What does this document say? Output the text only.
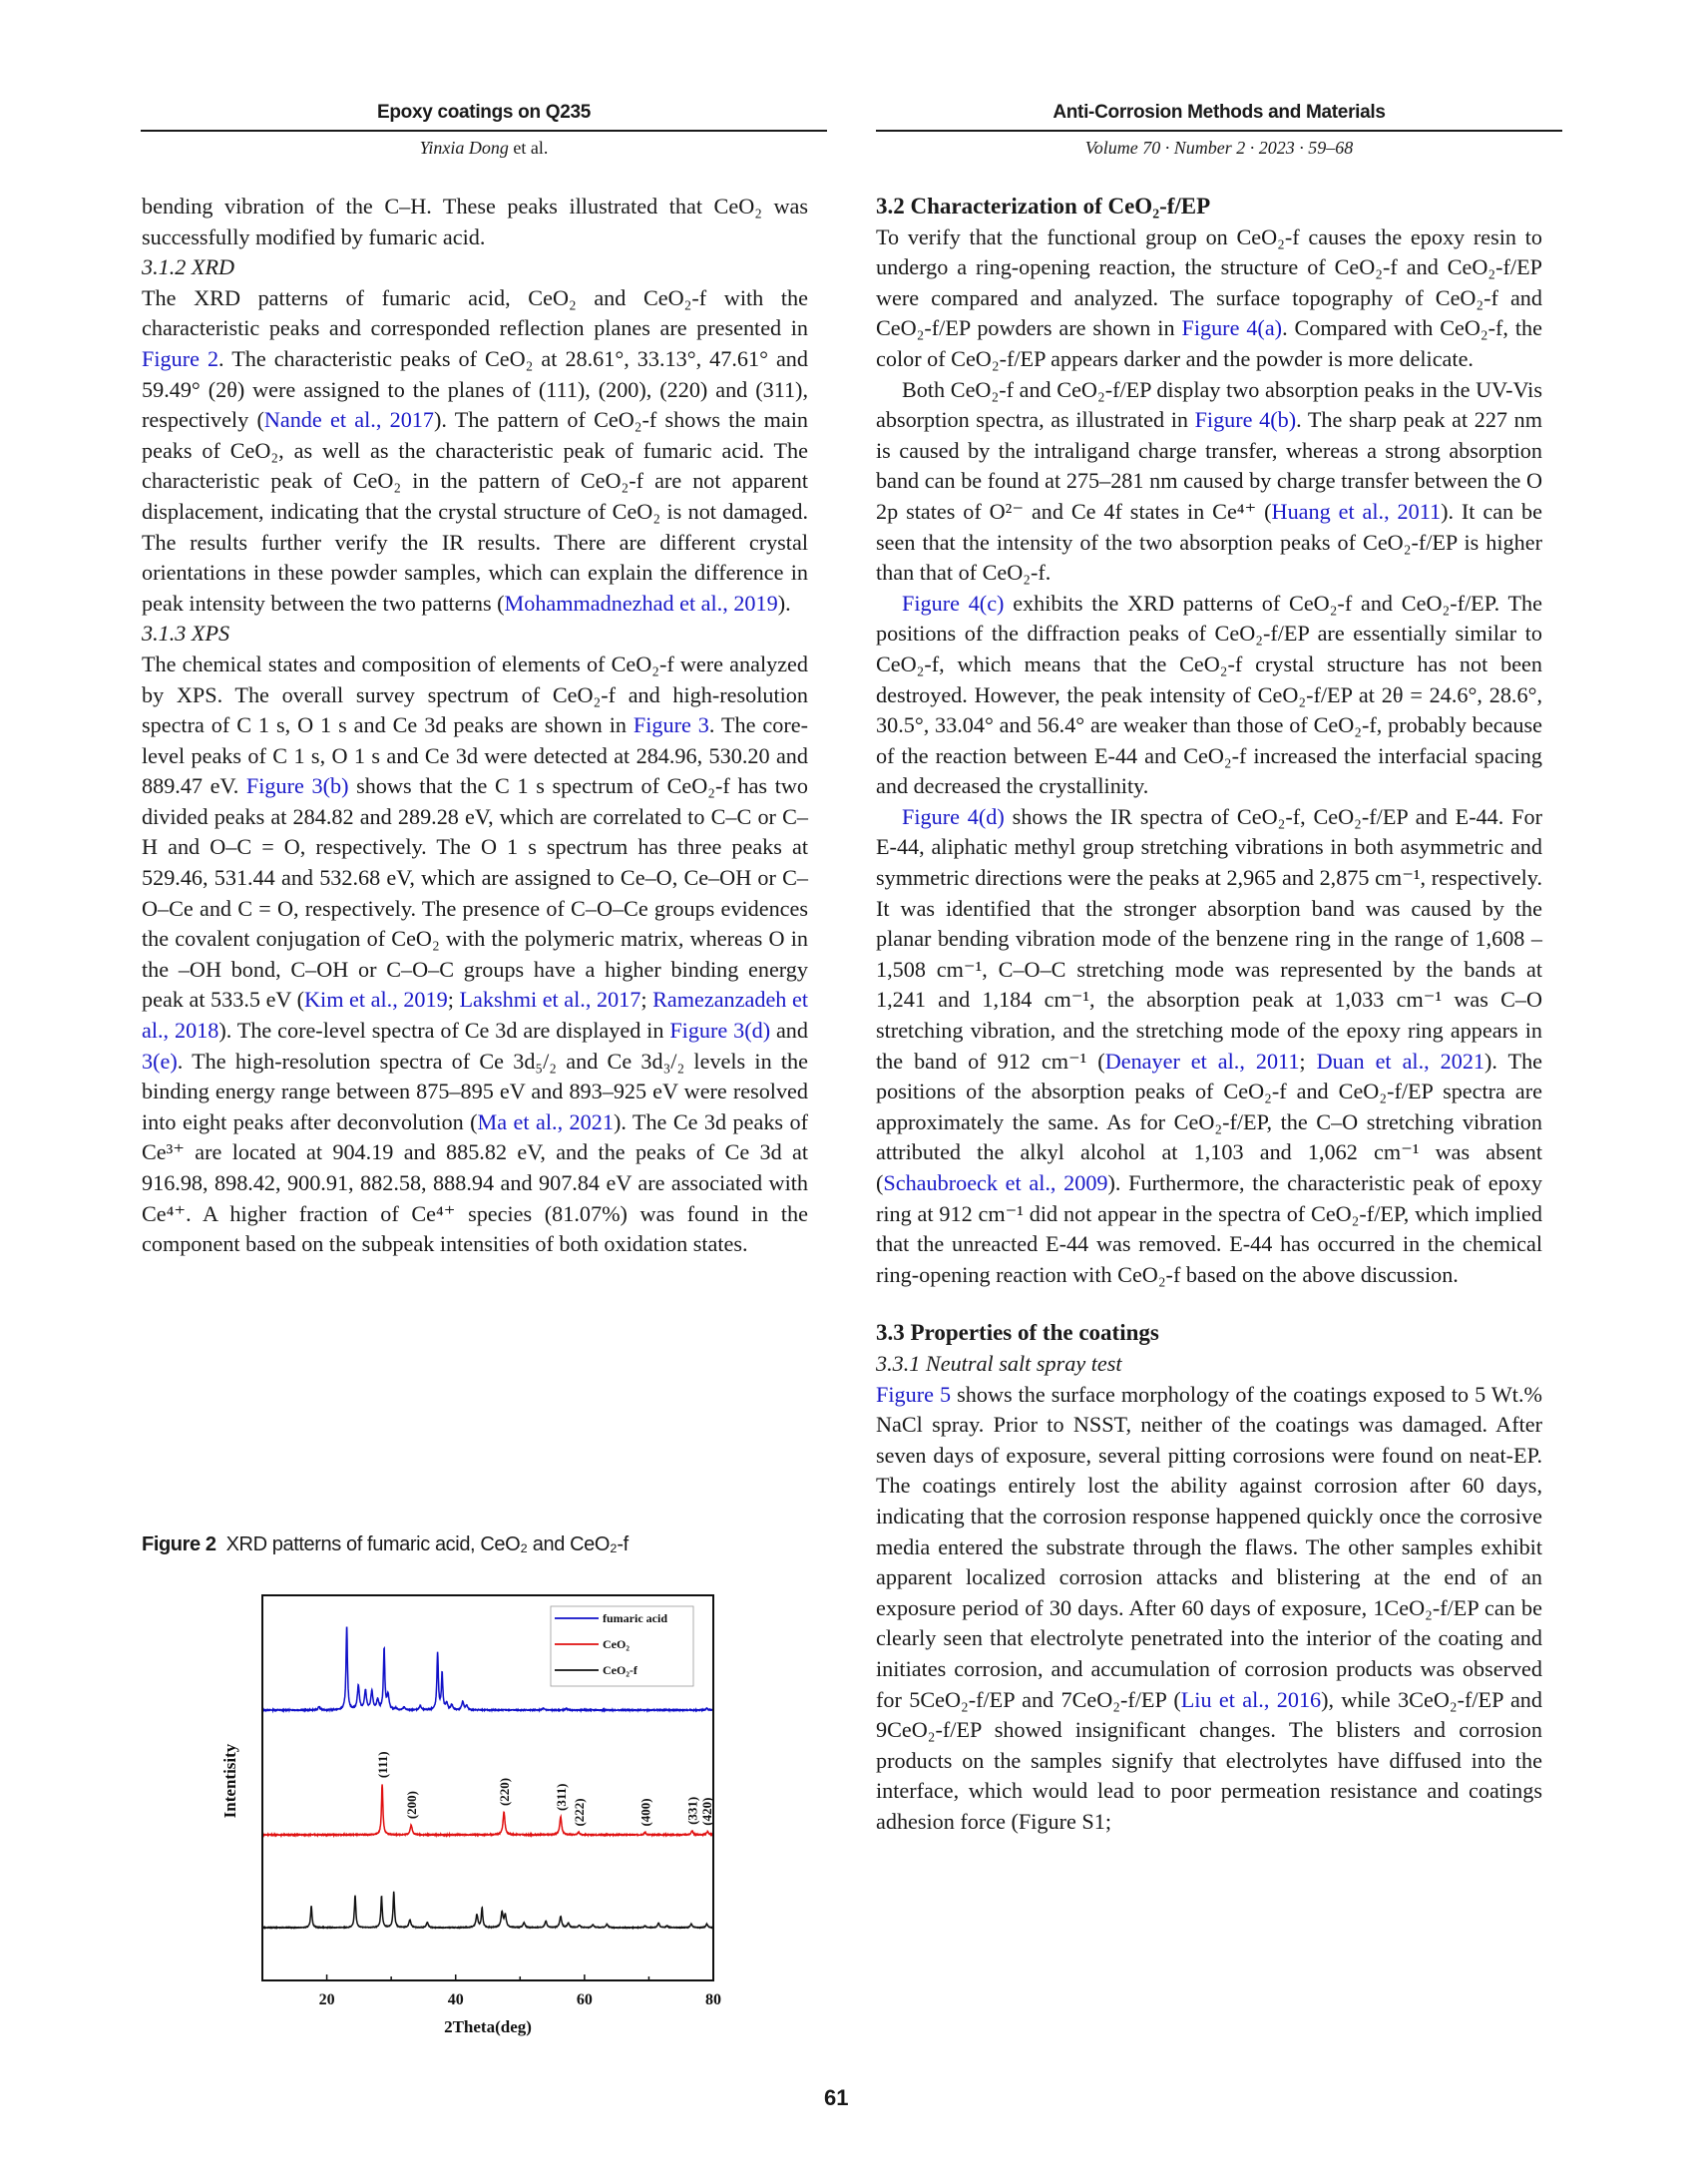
Epoxy coatings on Q235
Yinxia Dong et al.
Anti-Corrosion Methods and Materials
Volume 70 · Number 2 · 2023 · 59–68

bending vibration of the C–H. These peaks illustrated that CeO₂ was successfully modified by fumaric acid.

3.1.2 XRD

The XRD patterns of fumaric acid, CeO₂ and CeO₂-f with the characteristic peaks and corresponded reflection planes are presented in Figure 2. The characteristic peaks of CeO₂ at 28.61°, 33.13°, 47.61° and 59.49° (2θ) were assigned to the planes of (111), (200), (220) and (311), respectively (Nande et al., 2017). The pattern of CeO₂-f shows the main peaks of CeO₂, as well as the characteristic peak of fumaric acid. The characteristic peak of CeO₂ in the pattern of CeO₂-f are not apparent displacement, indicating that the crystal structure of CeO₂ is not damaged. The results further verify the IR results. There are different crystal orientations in these powder samples, which can explain the difference in peak intensity between the two patterns (Mohammadnezhad et al., 2019).

3.1.3 XPS

The chemical states and composition of elements of CeO₂-f were analyzed by XPS. The overall survey spectrum of CeO₂-f and high-resolution spectra of C 1 s, O 1 s and Ce 3d peaks are shown in Figure 3. The core-level peaks of C 1 s, O 1 s and Ce 3d were detected at 284.96, 530.20 and 889.47 eV. Figure 3(b) shows that the C 1 s spectrum of CeO₂-f has two divided peaks at 284.82 and 289.28 eV, which are correlated to C–C or C–H and O–C = O, respectively. The O 1 s spectrum has three peaks at 529.46, 531.44 and 532.68 eV, which are assigned to Ce–O, Ce–OH or C–O–Ce and C = O, respectively. The presence of C–O–Ce groups evidences the covalent conjugation of CeO₂ with the polymeric matrix, whereas O in the –OH bond, C–OH or C–O–C groups have a higher binding energy peak at 533.5 eV (Kim et al., 2019; Lakshmi et al., 2017; Ramezanzadeh et al., 2018). The core-level spectra of Ce 3d are displayed in Figure 3(d) and 3(e). The high-resolution spectra of Ce 3d₅/₂ and Ce 3d₃/₂ levels in the binding energy range between 875–895 eV and 893–925 eV were resolved into eight peaks after deconvolution (Ma et al., 2021). The Ce 3d peaks of Ce³⁺ are located at 904.19 and 885.82 eV, and the peaks of Ce 3d at 916.98, 898.42, 900.91, 882.58, 888.94 and 907.84 eV are associated with Ce⁴⁺. A higher fraction of Ce⁴⁺ species (81.07%) was found in the component based on the subpeak intensities of both oxidation states.

Figure 2 XRD patterns of fumaric acid, CeO₂ and CeO₂-f
(111)
(200)	(220)	(311)
(222)	(400) (331) (420)
Intentisity
2Theta(deg)
fumaric acid
CeO₂
CeO₂-f
20	40	60	80

3.2 Characterization of CeO₂-f/EP

To verify that the functional group on CeO₂-f causes the epoxy resin to undergo a ring-opening reaction, the structure of CeO₂-f and CeO₂-f/EP were compared and analyzed. The surface topography of CeO₂-f and CeO₂-f/EP powders are shown in Figure 4(a). Compared with CeO₂-f, the color of CeO₂-f/EP appears darker and the powder is more delicate.

Both CeO₂-f and CeO₂-f/EP display two absorption peaks in the UV-Vis absorption spectra, as illustrated in Figure 4(b). The sharp peak at 227 nm is caused by the intraligand charge transfer, whereas a strong absorption band can be found at 275–281 nm caused by charge transfer between the O 2p states of O²⁻ and Ce 4f states in Ce⁴⁺ (Huang et al., 2011). It can be seen that the intensity of the two absorption peaks of CeO₂-f/EP is higher than that of CeO₂-f.

Figure 4(c) exhibits the XRD patterns of CeO₂-f and CeO₂-f/EP. The positions of the diffraction peaks of CeO₂-f/EP are essentially similar to CeO₂-f, which means that the CeO₂-f crystal structure has not been destroyed. However, the peak intensity of CeO₂-f/EP at 2θ = 24.6°, 28.6°, 30.5°, 33.04° and 56.4° are weaker than those of CeO₂-f, probably because of the reaction between E-44 and CeO₂-f increased the interfacial spacing and decreased the crystallinity.

Figure 4(d) shows the IR spectra of CeO₂-f, CeO₂-f/EP and E-44. For E-44, aliphatic methyl group stretching vibrations in both asymmetric and symmetric directions were the peaks at 2,965 and 2,875 cm⁻¹, respectively. It was identified that the stronger absorption band was caused by the planar bending vibration mode of the benzene ring in the range of 1,608 – 1,508 cm⁻¹, C–O–C stretching mode was represented by the bands at 1,241 and 1,184 cm⁻¹, the absorption peak at 1,033 cm⁻¹ was C–O stretching vibration, and the stretching mode of the epoxy ring appears in the band of 912 cm⁻¹ (Denayer et al., 2011; Duan et al., 2021). The positions of the absorption peaks of CeO₂-f and CeO₂-f/EP spectra are approximately the same. As for CeO₂-f/EP, the C–O stretching vibration attributed the alkyl alcohol at 1,103 and 1,062 cm⁻¹ was absent (Schaubroeck et al., 2009). Furthermore, the characteristic peak of epoxy ring at 912 cm⁻¹ did not appear in the spectra of CeO₂-f/EP, which implied that the unreacted E-44 was removed. E-44 has occurred in the chemical ring-opening reaction with CeO₂-f based on the above discussion.

3.3 Properties of the coatings

3.3.1 Neutral salt spray test

Figure 5 shows the surface morphology of the coatings exposed to 5 Wt.% NaCl spray. Prior to NSST, neither of the coatings was damaged. After seven days of exposure, several pitting corrosions were found on neat-EP. The coatings entirely lost the ability against corrosion after 60 days, indicating that the corrosion response happened quickly once the corrosive media entered the substrate through the flaws. The other samples exhibit apparent localized corrosion attacks and blistering at the end of an exposure period of 30 days. After 60 days of exposure, 1CeO₂-f/EP can be clearly seen that electrolyte penetrated into the interior of the coating and initiates corrosion, and accumulation of corrosion products was observed for 5CeO₂-f/EP and 7CeO₂-f/EP (Liu et al., 2016), while 3CeO₂-f/EP and 9CeO₂-f/EP showed insignificant changes. The blisters and corrosion products on the samples signify that electrolytes have diffused into the interface, which would lead to poor permeation resistance and coatings adhesion force (Figure S1;

61
